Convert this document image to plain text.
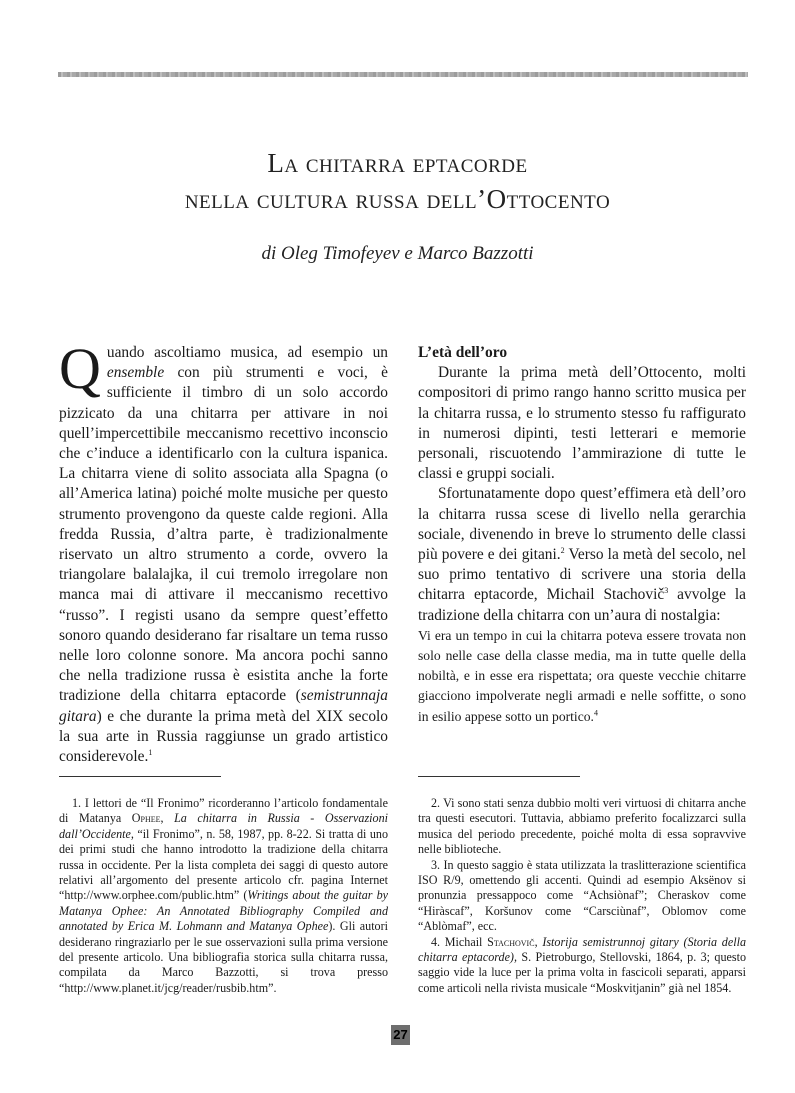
La chitarra eptacorde
nella cultura russa dell’Ottocento
di Oleg Timofeyev e Marco Bazzotti

Quando ascoltiamo musica, ad esempio un ensemble con più strumenti e voci, è sufficiente il timbro di un solo accordo pizzicato da una chitarra per attivare in noi quell’impercettibile meccanismo recettivo inconscio che c’induce a identificarlo con la cultura ispanica. La chitarra viene di solito associata alla Spagna (o all’America latina) poiché molte musiche per questo strumento provengono da queste calde regioni. Alla fredda Russia, d’altra parte, è tradizionalmente riservato un altro strumento a corde, ovvero la triangolare balalajka, il cui tremolo irregolare non manca mai di attivare il meccanismo recettivo “russo”. I registi usano da sempre quest’effetto sonoro quando desiderano far risaltare un tema russo nelle loro colonne sonore. Ma ancora pochi sanno che nella tradizione russa è esistita anche la forte tradizione della chitarra eptacorde (semistrunnaja gitara) e che durante la prima metà del XIX secolo la sua arte in Russia raggiunse un grado artistico considerevole.$^1$

L’età dell’oro

Durante la prima metà dell’Ottocento, molti compositori di primo rango hanno scritto musica per la chitarra russa, e lo strumento stesso fu raffigurato in numerosi dipinti, testi letterari e memorie personali, riscuotendo l’ammirazione di tutte le classi e gruppi sociali.

Sfortunatamente dopo quest’effimera età dell’oro la chitarra russa scese di livello nella gerarchia sociale, divenendo in breve lo strumento delle classi più povere e dei gitani.$^2$ Verso la metà del secolo, nel suo primo tentativo di scrivere una storia della chitarra eptacorde, Michail Stachovič$^3$ avvolge la tradizione della chitarra con un’aura di nostalgia:

Vi era un tempo in cui la chitarra poteva essere trovata non solo nelle case della classe media, ma in tutte quelle della nobiltà, e in esse era rispettata; ora queste vecchie chitarre giacciono impolverate negli armadi e nelle soffitte, o sono in esilio appese sotto un portico.$^4$

1. I lettori de “Il Fronimo” ricorderanno l’articolo fondamentale di Matanya Ophee, La chitarra in Russia - Osservazioni dall’Occidente, “il Fronimo”, n. 58, 1987, pp. 8-22. Si tratta di uno dei primi studi che hanno introdotto la tradizione della chitarra russa in occidente. Per la lista completa dei saggi di questo autore relativi all’argomento del presente articolo cfr. pagina Internet “http://www.orphee.com/public.htm” (Writings about the guitar by Matanya Ophee: An Annotated Bibliography Compiled and annotated by Erica M. Lohmann and Matanya Ophee). Gli autori desiderano ringraziarlo per le sue osservazioni sulla prima versione del presente articolo. Una bibliografia storica sulla chitarra russa, compilata da Marco Bazzotti, si trova presso “http://www.planet.it/jcg/reader/rusbib.htm”.

2. Vi sono stati senza dubbio molti veri virtuosi di chitarra anche tra questi esecutori. Tuttavia, abbiamo preferito focalizzarci sulla musica del periodo precedente, poiché molta di essa sopravvive nelle biblioteche.

3. In questo saggio è stata utilizzata la traslitterazione scientifica ISO R/9, omettendo gli accenti. Quindi ad esempio Aksënov si pronunzia pressappoco come “Achsiònaf”; Cheraskov come “Hiràscaf”, Koršunov come “Carsciùnaf”, Oblomov come “Ablòmaf”, ecc.

4. Michail Stachovič, Istorija semistrunnoj gitary (Storia della chitarra eptacorde), S. Pietroburgo, Stellovski, 1864, p. 3; questo saggio vide la luce per la prima volta in fascicoli separati, apparsi come articoli nella rivista musicale “Moskvitjanin” già nel 1854.

27
